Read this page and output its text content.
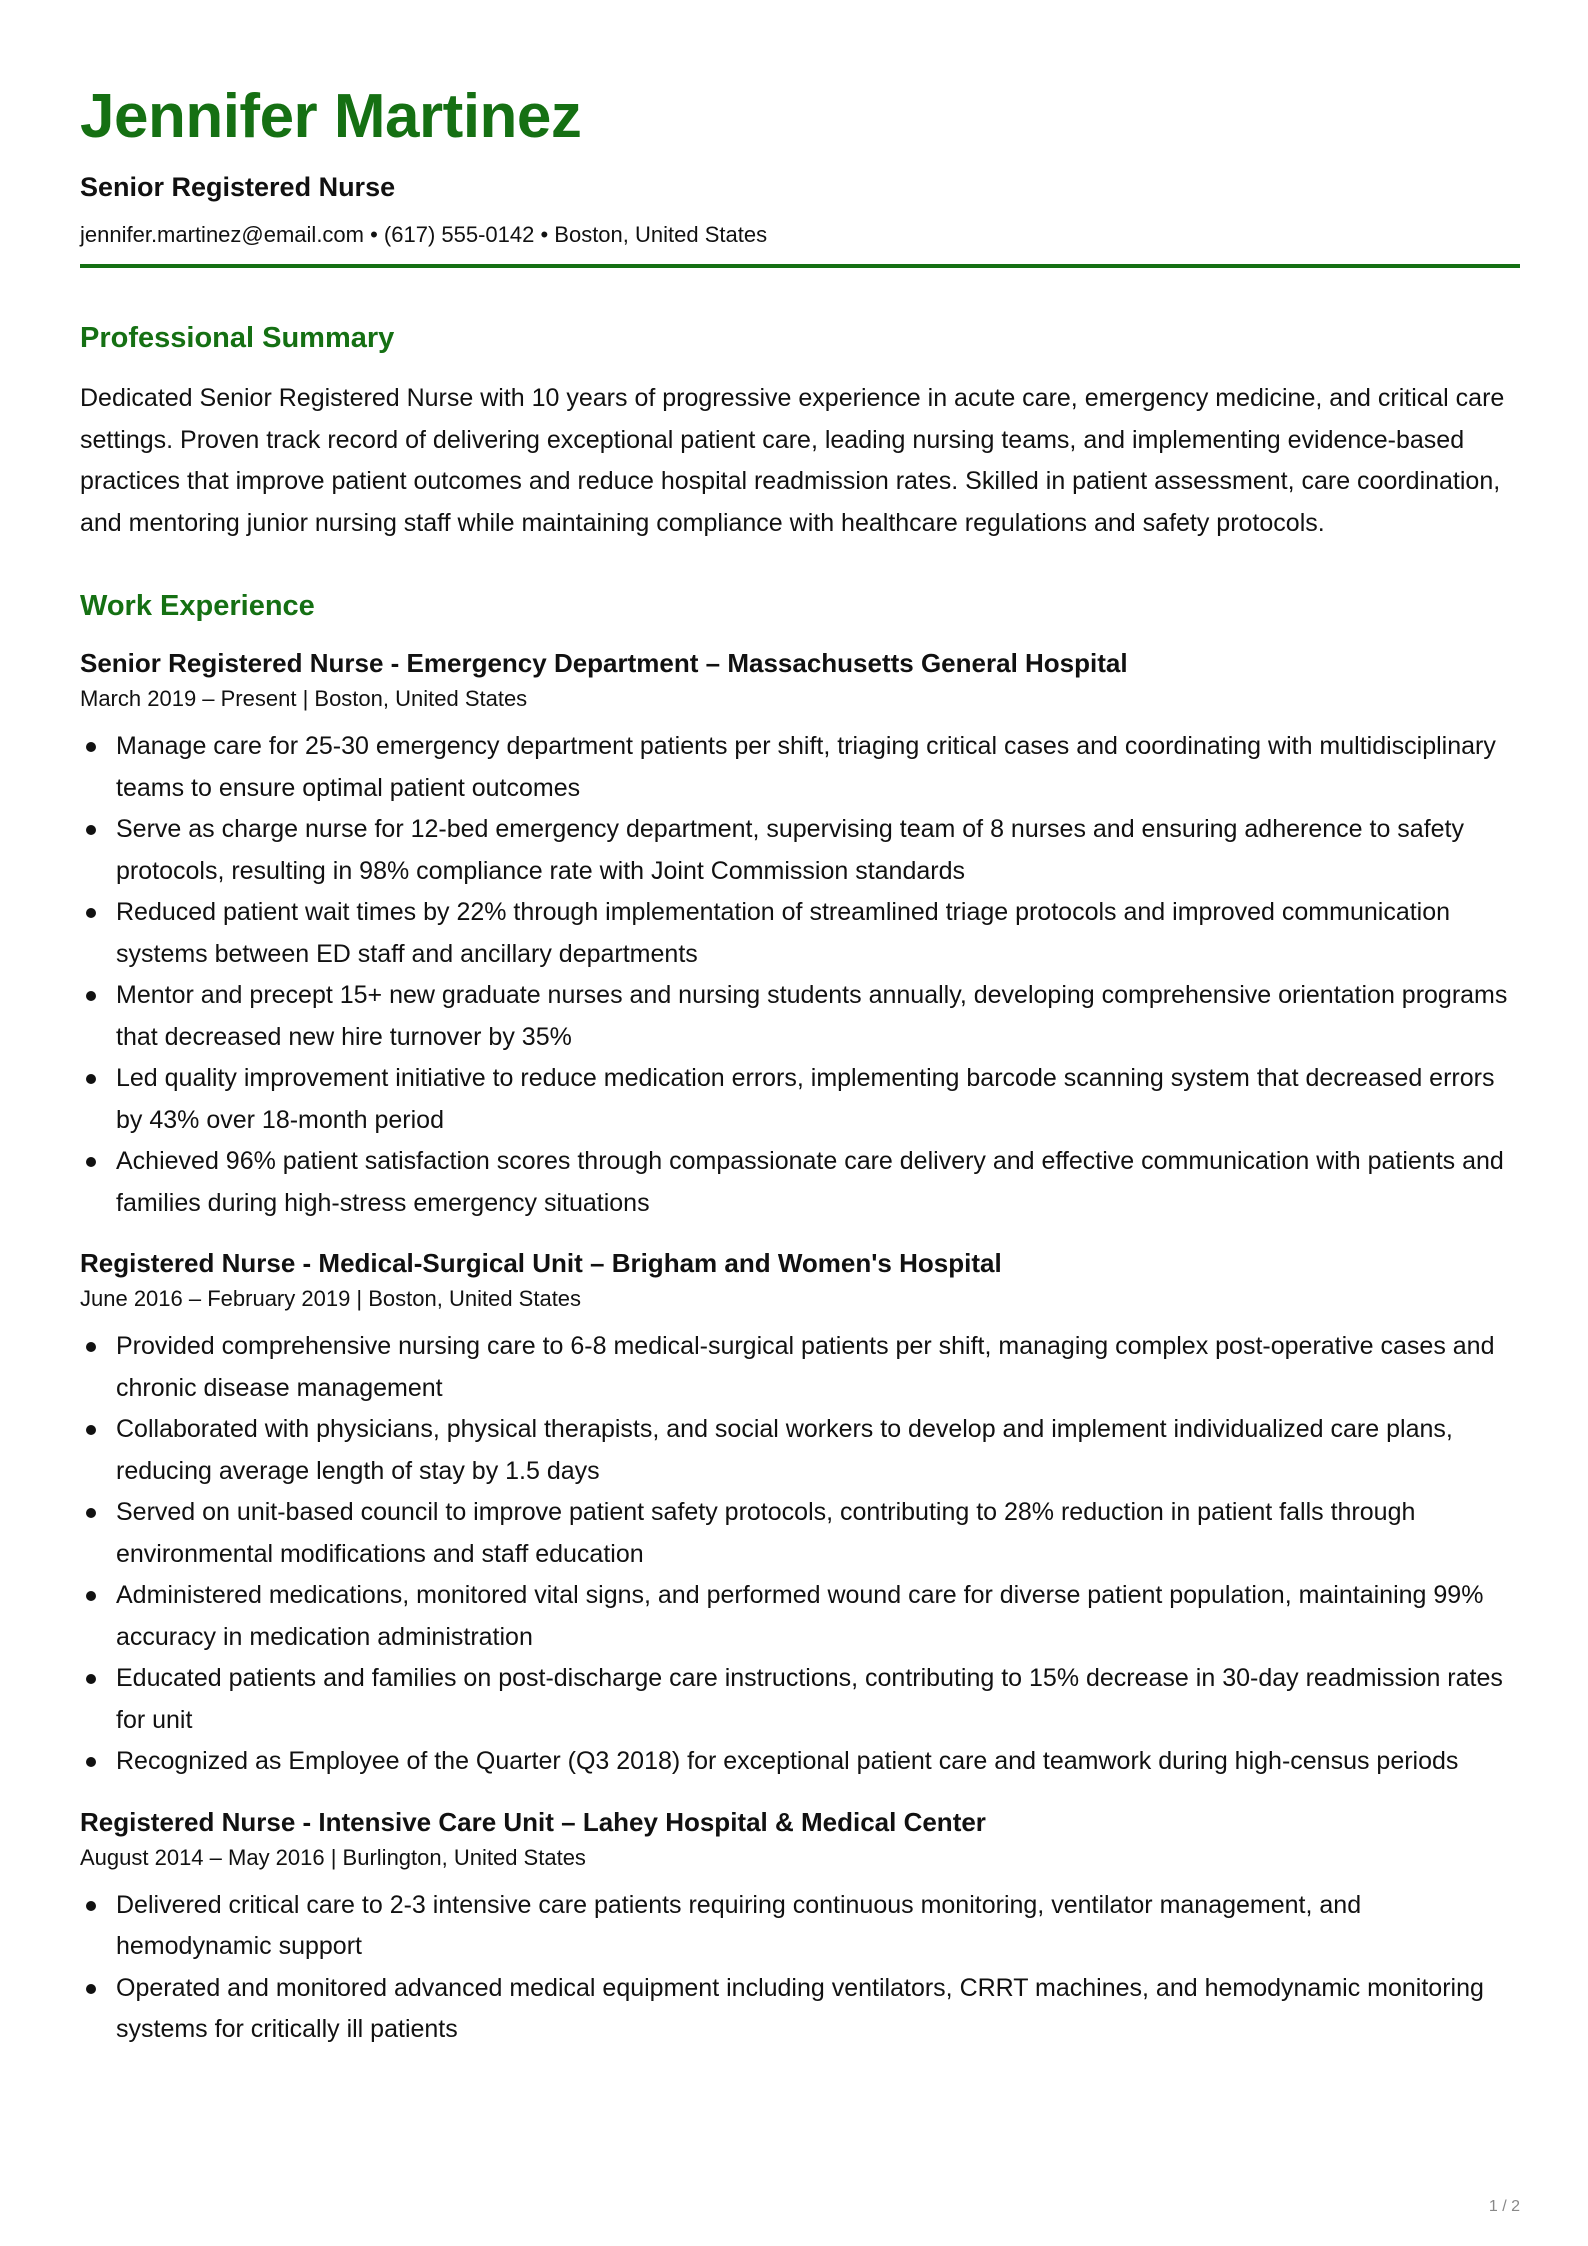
Jennifer Martinez
Senior Registered Nurse
jennifer.martinez@email.com • (617) 555-0142 • Boston, United States
Professional Summary

Dedicated Senior Registered Nurse with 10 years of progressive experience in acute care, emergency medicine, and critical care settings. Proven track record of delivering exceptional patient care, leading nursing teams, and implementing evidence-based practices that improve patient outcomes and reduce hospital readmission rates. Skilled in patient assessment, care coordination, and mentoring junior nursing staff while maintaining compliance with healthcare regulations and safety protocols.

Work Experience
Senior Registered Nurse - Emergency Department – Massachusetts General Hospital
March 2019 – Present | Boston, United States
Manage care for 25-30 emergency department patients per shift, triaging critical cases and coordinating with multidisciplinary teams to ensure optimal patient outcomes
Serve as charge nurse for 12-bed emergency department, supervising team of 8 nurses and ensuring adherence to safety protocols, resulting in 98% compliance rate with Joint Commission standards
Reduced patient wait times by 22% through implementation of streamlined triage protocols and improved communication systems between ED staff and ancillary departments
Mentor and precept 15+ new graduate nurses and nursing students annually, developing comprehensive orientation programs that decreased new hire turnover by 35%
Led quality improvement initiative to reduce medication errors, implementing barcode scanning system that decreased errors by 43% over 18-month period
Achieved 96% patient satisfaction scores through compassionate care delivery and effective communication with patients and families during high-stress emergency situations
Registered Nurse - Medical-Surgical Unit – Brigham and Women's Hospital
June 2016 – February 2019 | Boston, United States
Provided comprehensive nursing care to 6-8 medical-surgical patients per shift, managing complex post-operative cases and chronic disease management
Collaborated with physicians, physical therapists, and social workers to develop and implement individualized care plans, reducing average length of stay by 1.5 days
Served on unit-based council to improve patient safety protocols, contributing to 28% reduction in patient falls through environmental modifications and staff education
Administered medications, monitored vital signs, and performed wound care for diverse patient population, maintaining 99% accuracy in medication administration
Educated patients and families on post-discharge care instructions, contributing to 15% decrease in 30-day readmission rates for unit
Recognized as Employee of the Quarter (Q3 2018) for exceptional patient care and teamwork during high-census periods
Registered Nurse - Intensive Care Unit – Lahey Hospital & Medical Center
August 2014 – May 2016 | Burlington, United States
Delivered critical care to 2-3 intensive care patients requiring continuous monitoring, ventilator management, and hemodynamic support
Operated and monitored advanced medical equipment including ventilators, CRRT machines, and hemodynamic monitoring systems for critically ill patients
1 / 2
